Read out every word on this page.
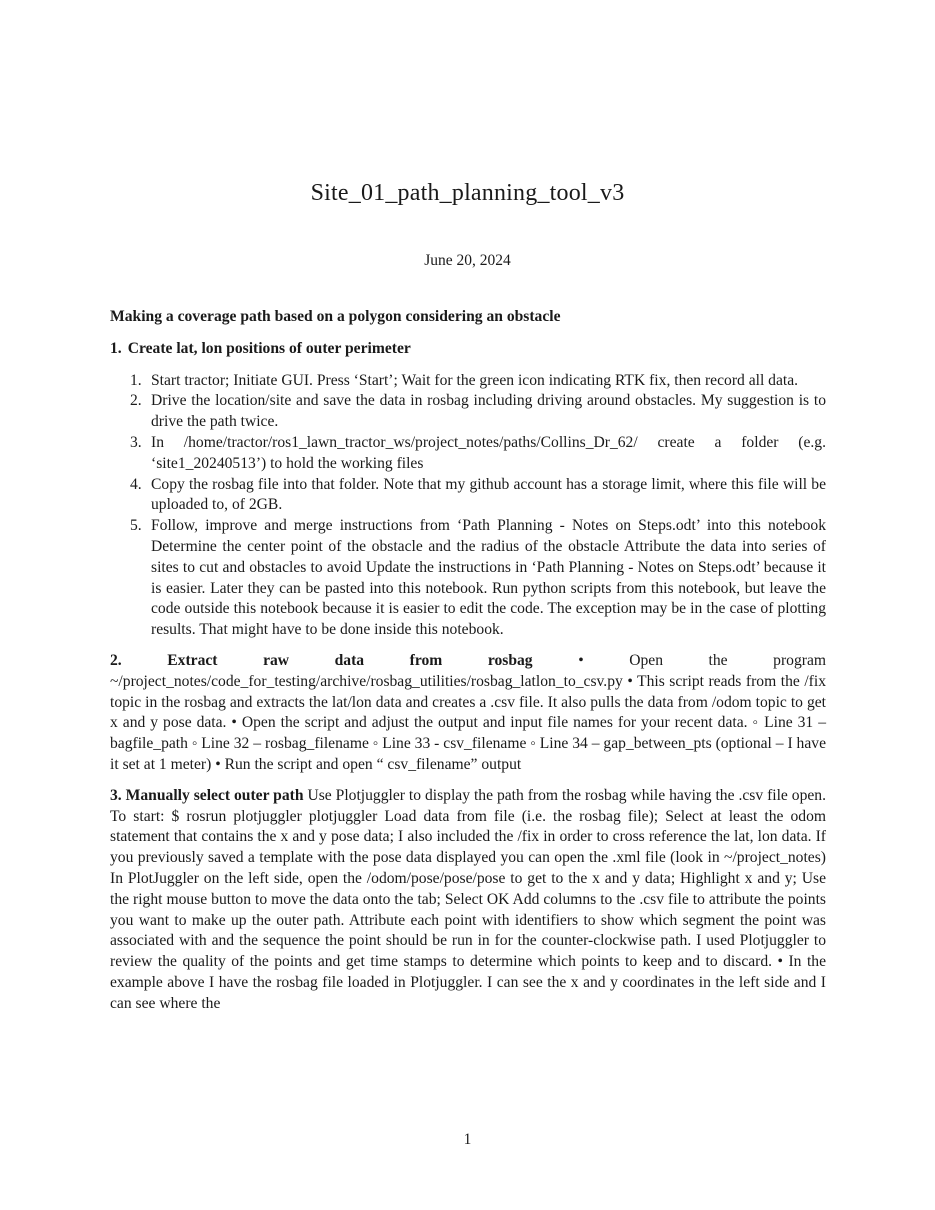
Site_01_path_planning_tool_v3
June 20, 2024
Making a coverage path based on a polygon considering an obstacle
1. Create lat, lon positions of outer perimeter
1. Start tractor; Initiate GUI. Press ‘Start’; Wait for the green icon indicating RTK fix, then record all data.
2. Drive the location/site and save the data in rosbag including driving around obstacles. My suggestion is to drive the path twice.
3. In /home/tractor/ros1_lawn_tractor_ws/project_notes/paths/Collins_Dr_62/ create a folder (e.g. ‘site1_20240513’) to hold the working files
4. Copy the rosbag file into that folder. Note that my github account has a storage limit, where this file will be uploaded to, of 2GB.
5. Follow, improve and merge instructions from ‘Path Planning - Notes on Steps.odt’ into this notebook Determine the center point of the obstacle and the radius of the obstacle Attribute the data into series of sites to cut and obstacles to avoid Update the instructions in ‘Path Planning - Notes on Steps.odt’ because it is easier. Later they can be pasted into this notebook. Run python scripts from this notebook, but leave the code outside this notebook because it is easier to edit the code. The exception may be in the case of plotting results. That might have to be done inside this notebook.
2.	Extract raw data from rosbag	• Open the program ~/project_notes/code_for_testing/archive/rosbag_utilities/rosbag_latlon_to_csv.py • This script reads from the /fix topic in the rosbag and extracts the lat/lon data and creates a .csv file. It also pulls the data from /odom topic to get x and y pose data. • Open the script and adjust the output and input file names for your recent data. ◦ Line 31 – bagfile_path ◦ Line 32 – rosbag_filename ◦ Line 33 - csv_filename ◦ Line 34 – gap_between_pts (optional – I have it set at 1 meter) • Run the script and open “ csv_filename” output
3. Manually select outer path Use Plotjuggler to display the path from the rosbag while having the .csv file open. To start: $ rosrun plotjuggler plotjuggler Load data from file (i.e. the rosbag file); Select at least the odom statement that contains the x and y pose data; I also included the /fix in order to cross reference the lat, lon data. If you previously saved a template with the pose data displayed you can open the .xml file (look in ~/project_notes) In PlotJuggler on the left side, open the /odom/pose/pose/pose to get to the x and y data; Highlight x and y; Use the right mouse button to move the data onto the tab; Select OK Add columns to the .csv file to attribute the points you want to make up the outer path. Attribute each point with identifiers to show which segment the point was associated with and the sequence the point should be run in for the counter-clockwise path. I used Plotjuggler to review the quality of the points and get time stamps to determine which points to keep and to discard. • In the example above I have the rosbag file loaded in Plotjuggler. I can see the x and y coordinates in the left side and I can see where the
1
